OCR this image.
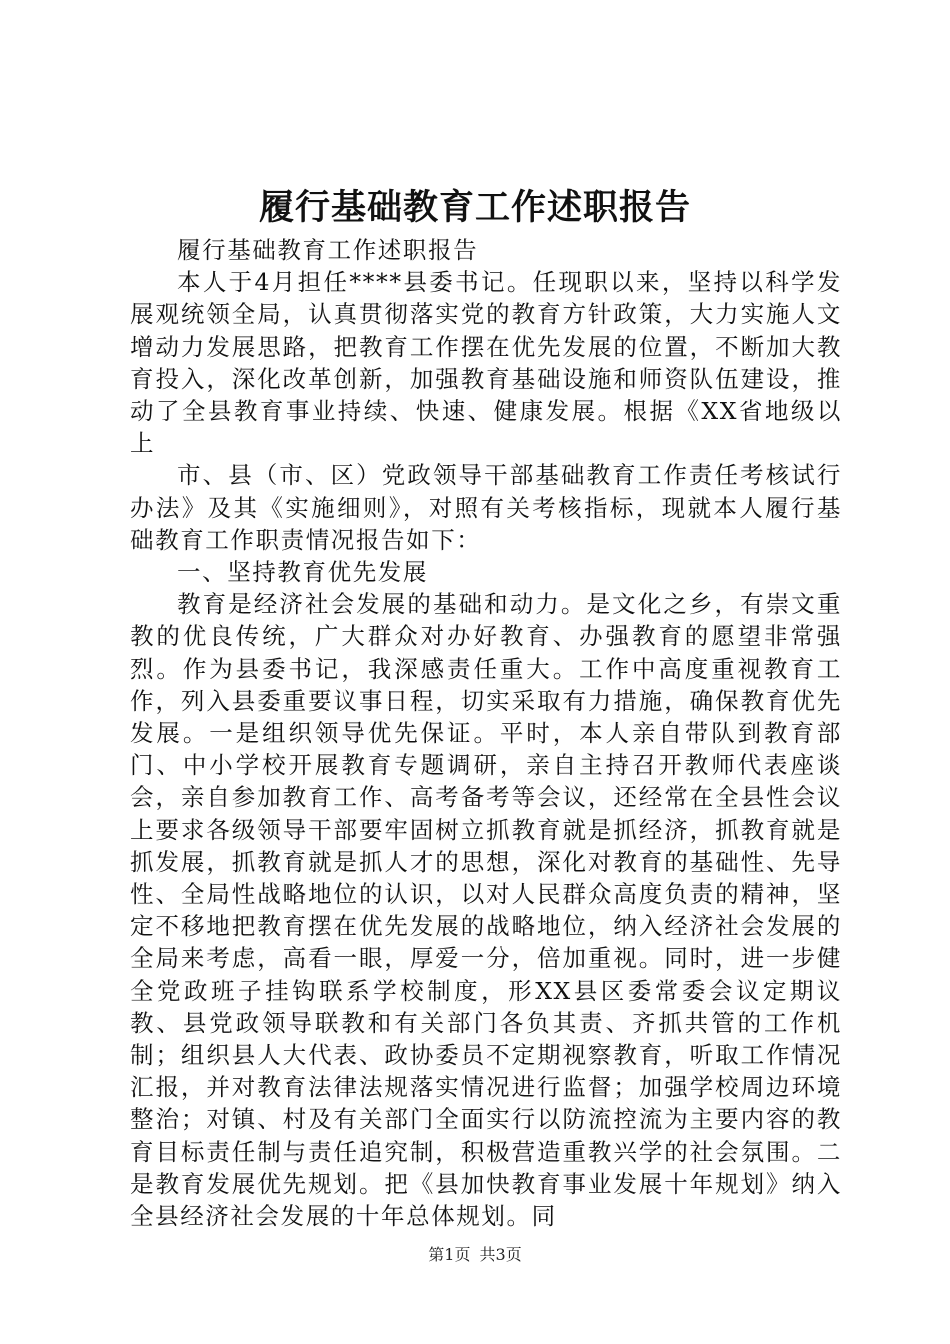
履行基础教育工作述职报告

履行基础教育工作述职报告

本人于4月担任****县委书记。任现职以来，坚持以科学发展观统领全局，认真贯彻落实党的教育方针政策，大力实施人文增动力发展思路，把教育工作摆在优先发展的位置，不断加大教育投入，深化改革创新，加强教育基础设施和师资队伍建设，推动了全县教育事业持续、快速、健康发展。根据《XX省地级以上

市、县（市、区）党政领导干部基础教育工作责任考核试行办法》及其《实施细则》，对照有关考核指标，现就本人履行基础教育工作职责情况报告如下：

一、坚持教育优先发展

教育是经济社会发展的基础和动力。是文化之乡，有崇文重教的优良传统，广大群众对办好教育、办强教育的愿望非常强烈。作为县委书记，我深感责任重大。工作中高度重视教育工作，列入县委重要议事日程，切实采取有力措施，确保教育优先发展。一是组织领导优先保证。平时，本人亲自带队到教育部门、中小学校开展教育专题调研，亲自主持召开教师代表座谈会，亲自参加教育工作、高考备考等会议，还经常在全县性会议上要求各级领导干部要牢固树立抓教育就是抓经济，抓教育就是抓发展，抓教育就是抓人才的思想，深化对教育的基础性、先导性、全局性战略地位的认识，以对人民群众高度负责的精神，坚定不移地把教育摆在优先发展的战略地位，纳入经济社会发展的全局来考虑，高看一眼，厚爱一分，倍加重视。同时，进一步健全党政班子挂钩联系学校制度，形XX县区委常委会议定期议教、县党政领导联教和有关部门各负其责、齐抓共管的工作机制；组织县人大代表、政协委员不定期视察教育，听取工作情况汇报，并对教育法律法规落实情况进行监督；加强学校周边环境整治；对镇、村及有关部门全面实行以防流控流为主要内容的教育目标责任制与责任追究制，积极营造重教兴学的社会氛围。二是教育发展优先规划。把《县加快教育事业发展十年规划》纳入全县经济社会发展的十年总体规划。同

第1页 共3页
